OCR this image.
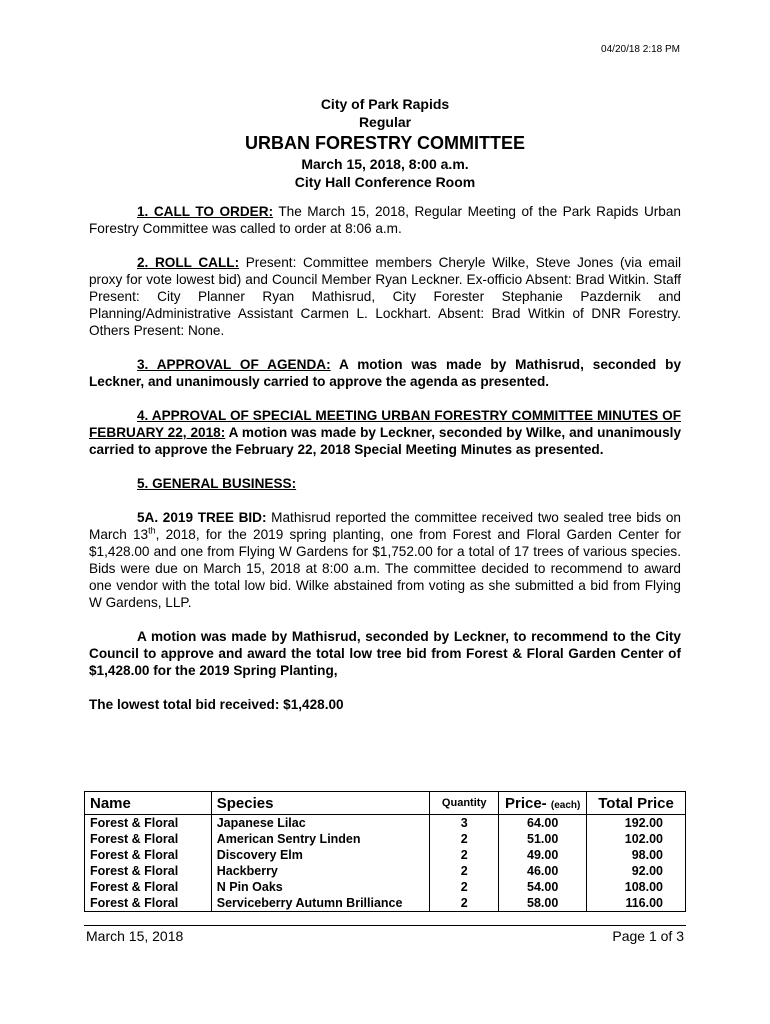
04/20/18 2:18 PM
City of Park Rapids
Regular
URBAN FORESTRY COMMITTEE
March 15, 2018, 8:00 a.m.
City Hall Conference Room

1. CALL TO ORDER: The March 15, 2018, Regular Meeting of the Park Rapids Urban Forestry Committee was called to order at 8:06 a.m.

2. ROLL CALL: Present: Committee members Cheryle Wilke, Steve Jones (via email proxy for vote lowest bid) and Council Member Ryan Leckner. Ex-officio Absent: Brad Witkin. Staff Present: City Planner Ryan Mathisrud, City Forester Stephanie Pazdernik and Planning/Administrative Assistant Carmen L. Lockhart. Absent: Brad Witkin of DNR Forestry. Others Present: None.

3. APPROVAL OF AGENDA: A motion was made by Mathisrud, seconded by Leckner, and unanimously carried to approve the agenda as presented.

4. APPROVAL OF SPECIAL MEETING URBAN FORESTRY COMMITTEE MINUTES OF FEBRUARY 22, 2018: A motion was made by Leckner, seconded by Wilke, and unanimously carried to approve the February 22, 2018 Special Meeting Minutes as presented.

5. GENERAL BUSINESS:

5A. 2019 TREE BID: Mathisrud reported the committee received two sealed tree bids on March 13th, 2018, for the 2019 spring planting, one from Forest and Floral Garden Center for $1,428.00 and one from Flying W Gardens for $1,752.00 for a total of 17 trees of various species. Bids were due on March 15, 2018 at 8:00 a.m. The committee decided to recommend to award one vendor with the total low bid. Wilke abstained from voting as she submitted a bid from Flying W Gardens, LLP.

A motion was made by Mathisrud, seconded by Leckner, to recommend to the City Council to approve and award the total low tree bid from Forest & Floral Garden Center of $1,428.00 for the 2019 Spring Planting,

The lowest total bid received: $1,428.00

Name	Species	Quantity	Price- (each)	Total Price
Forest & Floral	Japanese Lilac	3	64.00	192.00
Forest & Floral	American Sentry Linden	2	51.00	102.00
Forest & Floral	Discovery Elm	2	49.00	98.00
Forest & Floral	Hackberry	2	46.00	92.00
Forest & Floral	N Pin Oaks	2	54.00	108.00
Forest & Floral	Serviceberry Autumn Brilliance	2	58.00	116.00
March 15, 2018	Page 1 of 3
